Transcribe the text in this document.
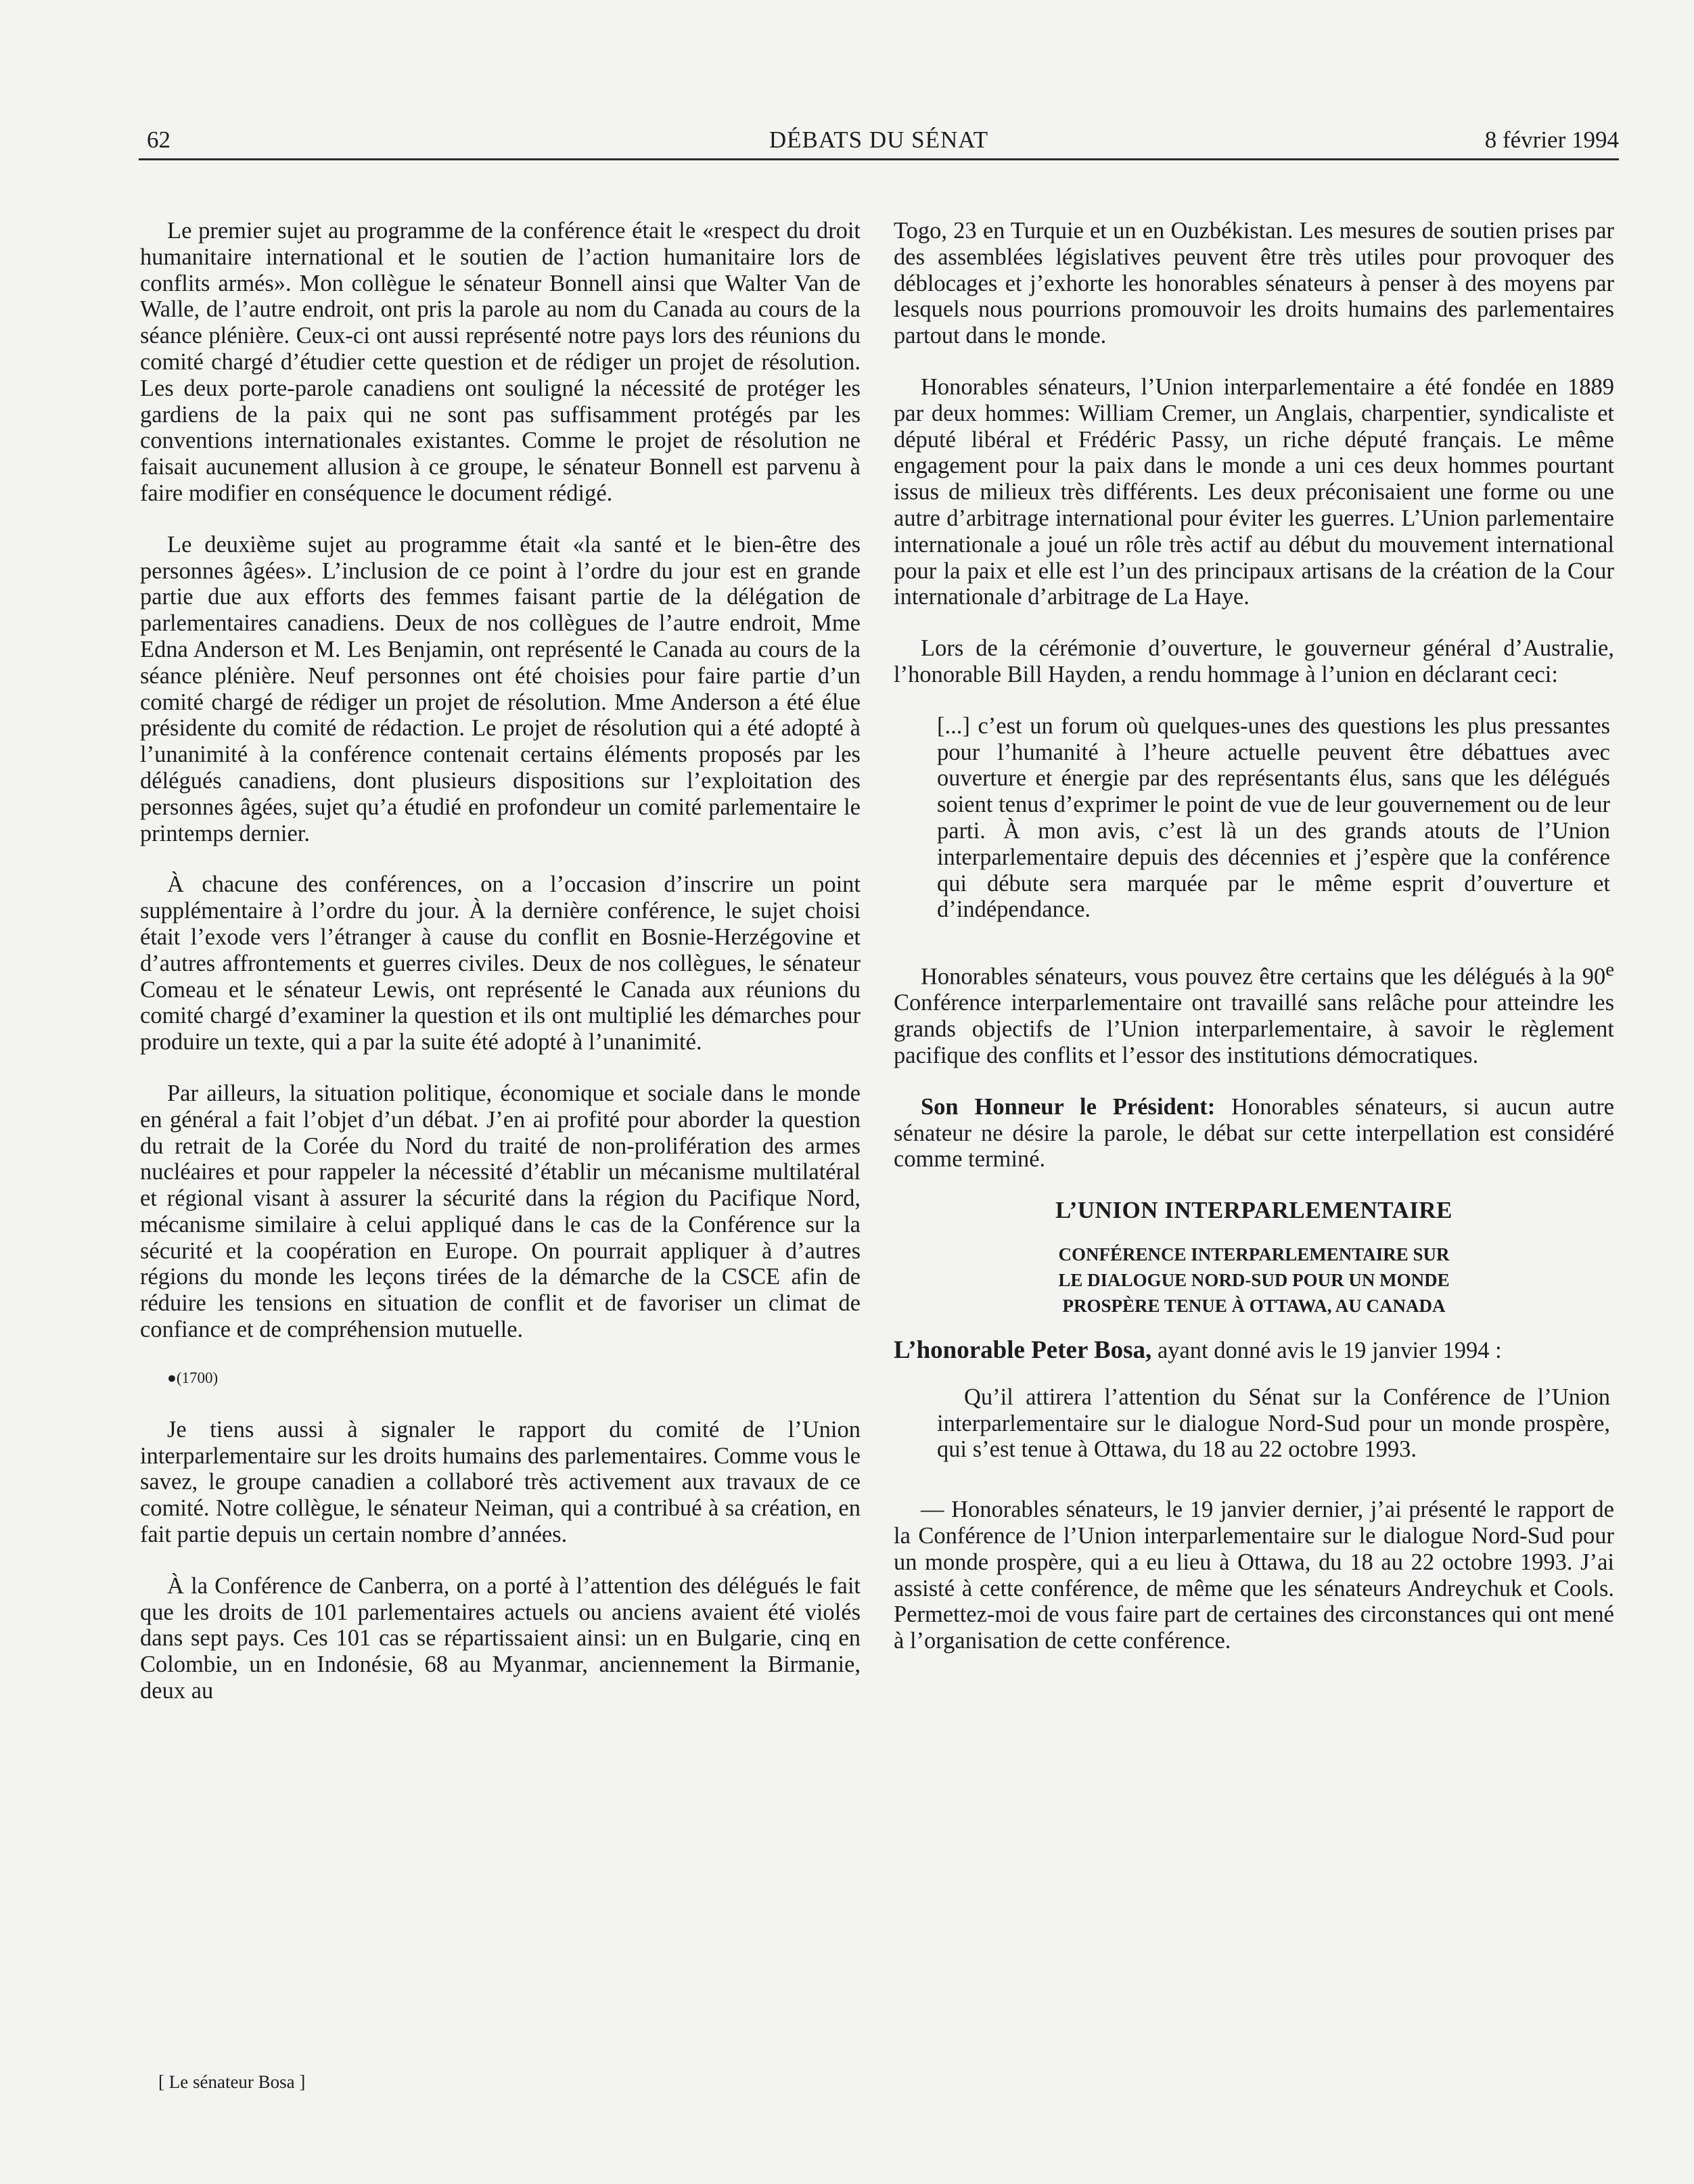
62	DÉBATS DU SÉNAT	8 février 1994

Le premier sujet au programme de la conférence était le «respect du droit humanitaire international et le soutien de l’action humanitaire lors de conflits armés». Mon collègue le sénateur Bonnell ainsi que Walter Van de Walle, de l’autre endroit, ont pris la parole au nom du Canada au cours de la séance plénière. Ceux-ci ont aussi représenté notre pays lors des réunions du comité chargé d’étudier cette question et de rédiger un projet de résolution. Les deux porte-parole canadiens ont souligné la nécessité de protéger les gardiens de la paix qui ne sont pas suffisamment protégés par les conventions internationales existantes. Comme le projet de résolution ne faisait aucunement allusion à ce groupe, le sénateur Bonnell est parvenu à faire modifier en conséquence le document rédigé.

Le deuxième sujet au programme était «la santé et le bien-être des personnes âgées». L’inclusion de ce point à l’ordre du jour est en grande partie due aux efforts des femmes faisant partie de la délégation de parlementaires canadiens. Deux de nos collègues de l’autre endroit, Mme Edna Anderson et M. Les Benjamin, ont représenté le Canada au cours de la séance plénière. Neuf personnes ont été choisies pour faire partie d’un comité chargé de rédiger un projet de résolution. Mme Anderson a été élue présidente du comité de rédaction. Le projet de résolution qui a été adopté à l’unanimité à la conférence contenait certains éléments proposés par les délégués canadiens, dont plusieurs dispositions sur l’exploitation des personnes âgées, sujet qu’a étudié en profondeur un comité parlementaire le printemps dernier.

À chacune des conférences, on a l’occasion d’inscrire un point supplémentaire à l’ordre du jour. À la dernière conférence, le sujet choisi était l’exode vers l’étranger à cause du conflit en Bosnie-Herzégovine et d’autres affrontements et guerres civiles. Deux de nos collègues, le sénateur Comeau et le sénateur Lewis, ont représenté le Canada aux réunions du comité chargé d’examiner la question et ils ont multiplié les démarches pour produire un texte, qui a par la suite été adopté à l’unanimité.

Par ailleurs, la situation politique, économique et sociale dans le monde en général a fait l’objet d’un débat. J’en ai profité pour aborder la question du retrait de la Corée du Nord du traité de non-prolifération des armes nucléaires et pour rappeler la nécessité d’établir un mécanisme multilatéral et régional visant à assurer la sécurité dans la région du Pacifique Nord, mécanisme similaire à celui appliqué dans le cas de la Conférence sur la sécurité et la coopération en Europe. On pourrait appliquer à d’autres régions du monde les leçons tirées de la démarche de la CSCE afin de réduire les tensions en situation de conflit et de favoriser un climat de confiance et de compréhension mutuelle.

●(1700)

Je tiens aussi à signaler le rapport du comité de l’Union interparlementaire sur les droits humains des parlementaires. Comme vous le savez, le groupe canadien a collaboré très activement aux travaux de ce comité. Notre collègue, le sénateur Neiman, qui a contribué à sa création, en fait partie depuis un certain nombre d’années.

À la Conférence de Canberra, on a porté à l’attention des délégués le fait que les droits de 101 parlementaires actuels ou anciens avaient été violés dans sept pays. Ces 101 cas se répartissaient ainsi: un en Bulgarie, cinq en Colombie, un en Indonésie, 68 au Myanmar, anciennement la Birmanie, deux au

Togo, 23 en Turquie et un en Ouzbékistan. Les mesures de soutien prises par des assemblées législatives peuvent être très utiles pour provoquer des déblocages et j’exhorte les honorables sénateurs à penser à des moyens par lesquels nous pourrions promouvoir les droits humains des parlementaires partout dans le monde.

Honorables sénateurs, l’Union interparlementaire a été fondée en 1889 par deux hommes: William Cremer, un Anglais, charpentier, syndicaliste et député libéral et Frédéric Passy, un riche député français. Le même engagement pour la paix dans le monde a uni ces deux hommes pourtant issus de milieux très différents. Les deux préconisaient une forme ou une autre d’arbitrage international pour éviter les guerres. L’Union parlementaire internationale a joué un rôle très actif au début du mouvement international pour la paix et elle est l’un des principaux artisans de la création de la Cour internationale d’arbitrage de La Haye.

Lors de la cérémonie d’ouverture, le gouverneur général d’Australie, l’honorable Bill Hayden, a rendu hommage à l’union en déclarant ceci:

[...] c’est un forum où quelques-unes des questions les plus pressantes pour l’humanité à l’heure actuelle peuvent être débattues avec ouverture et énergie par des représentants élus, sans que les délégués soient tenus d’exprimer le point de vue de leur gouvernement ou de leur parti. À mon avis, c’est là un des grands atouts de l’Union interparlementaire depuis des décennies et j’espère que la conférence qui débute sera marquée par le même esprit d’ouverture et d’indépendance.

Honorables sénateurs, vous pouvez être certains que les délégués à la 90e Conférence interparlementaire ont travaillé sans relâche pour atteindre les grands objectifs de l’Union interparlementaire, à savoir le règlement pacifique des conflits et l’essor des institutions démocratiques.

Son Honneur le Président: Honorables sénateurs, si aucun autre sénateur ne désire la parole, le débat sur cette interpellation est considéré comme terminé.

L’UNION INTERPARLEMENTAIRE
CONFÉRENCE INTERPARLEMENTAIRE SUR
LE DIALOGUE NORD-SUD POUR UN MONDE
PROSPÈRE TENUE À OTTAWA, AU CANADA

L’honorable Peter Bosa, ayant donné avis le 19 janvier 1994 :

Qu’il attirera l’attention du Sénat sur la Conférence de l’Union interparlementaire sur le dialogue Nord-Sud pour un monde prospère, qui s’est tenue à Ottawa, du 18 au 22 octobre 1993.

— Honorables sénateurs, le 19 janvier dernier, j’ai présenté le rapport de la Conférence de l’Union interparlementaire sur le dialogue Nord-Sud pour un monde prospère, qui a eu lieu à Ottawa, du 18 au 22 octobre 1993. J’ai assisté à cette conférence, de même que les sénateurs Andreychuk et Cools. Permettez-moi de vous faire part de certaines des circonstances qui ont mené à l’organisation de cette conférence.

[ Le sénateur Bosa ]
